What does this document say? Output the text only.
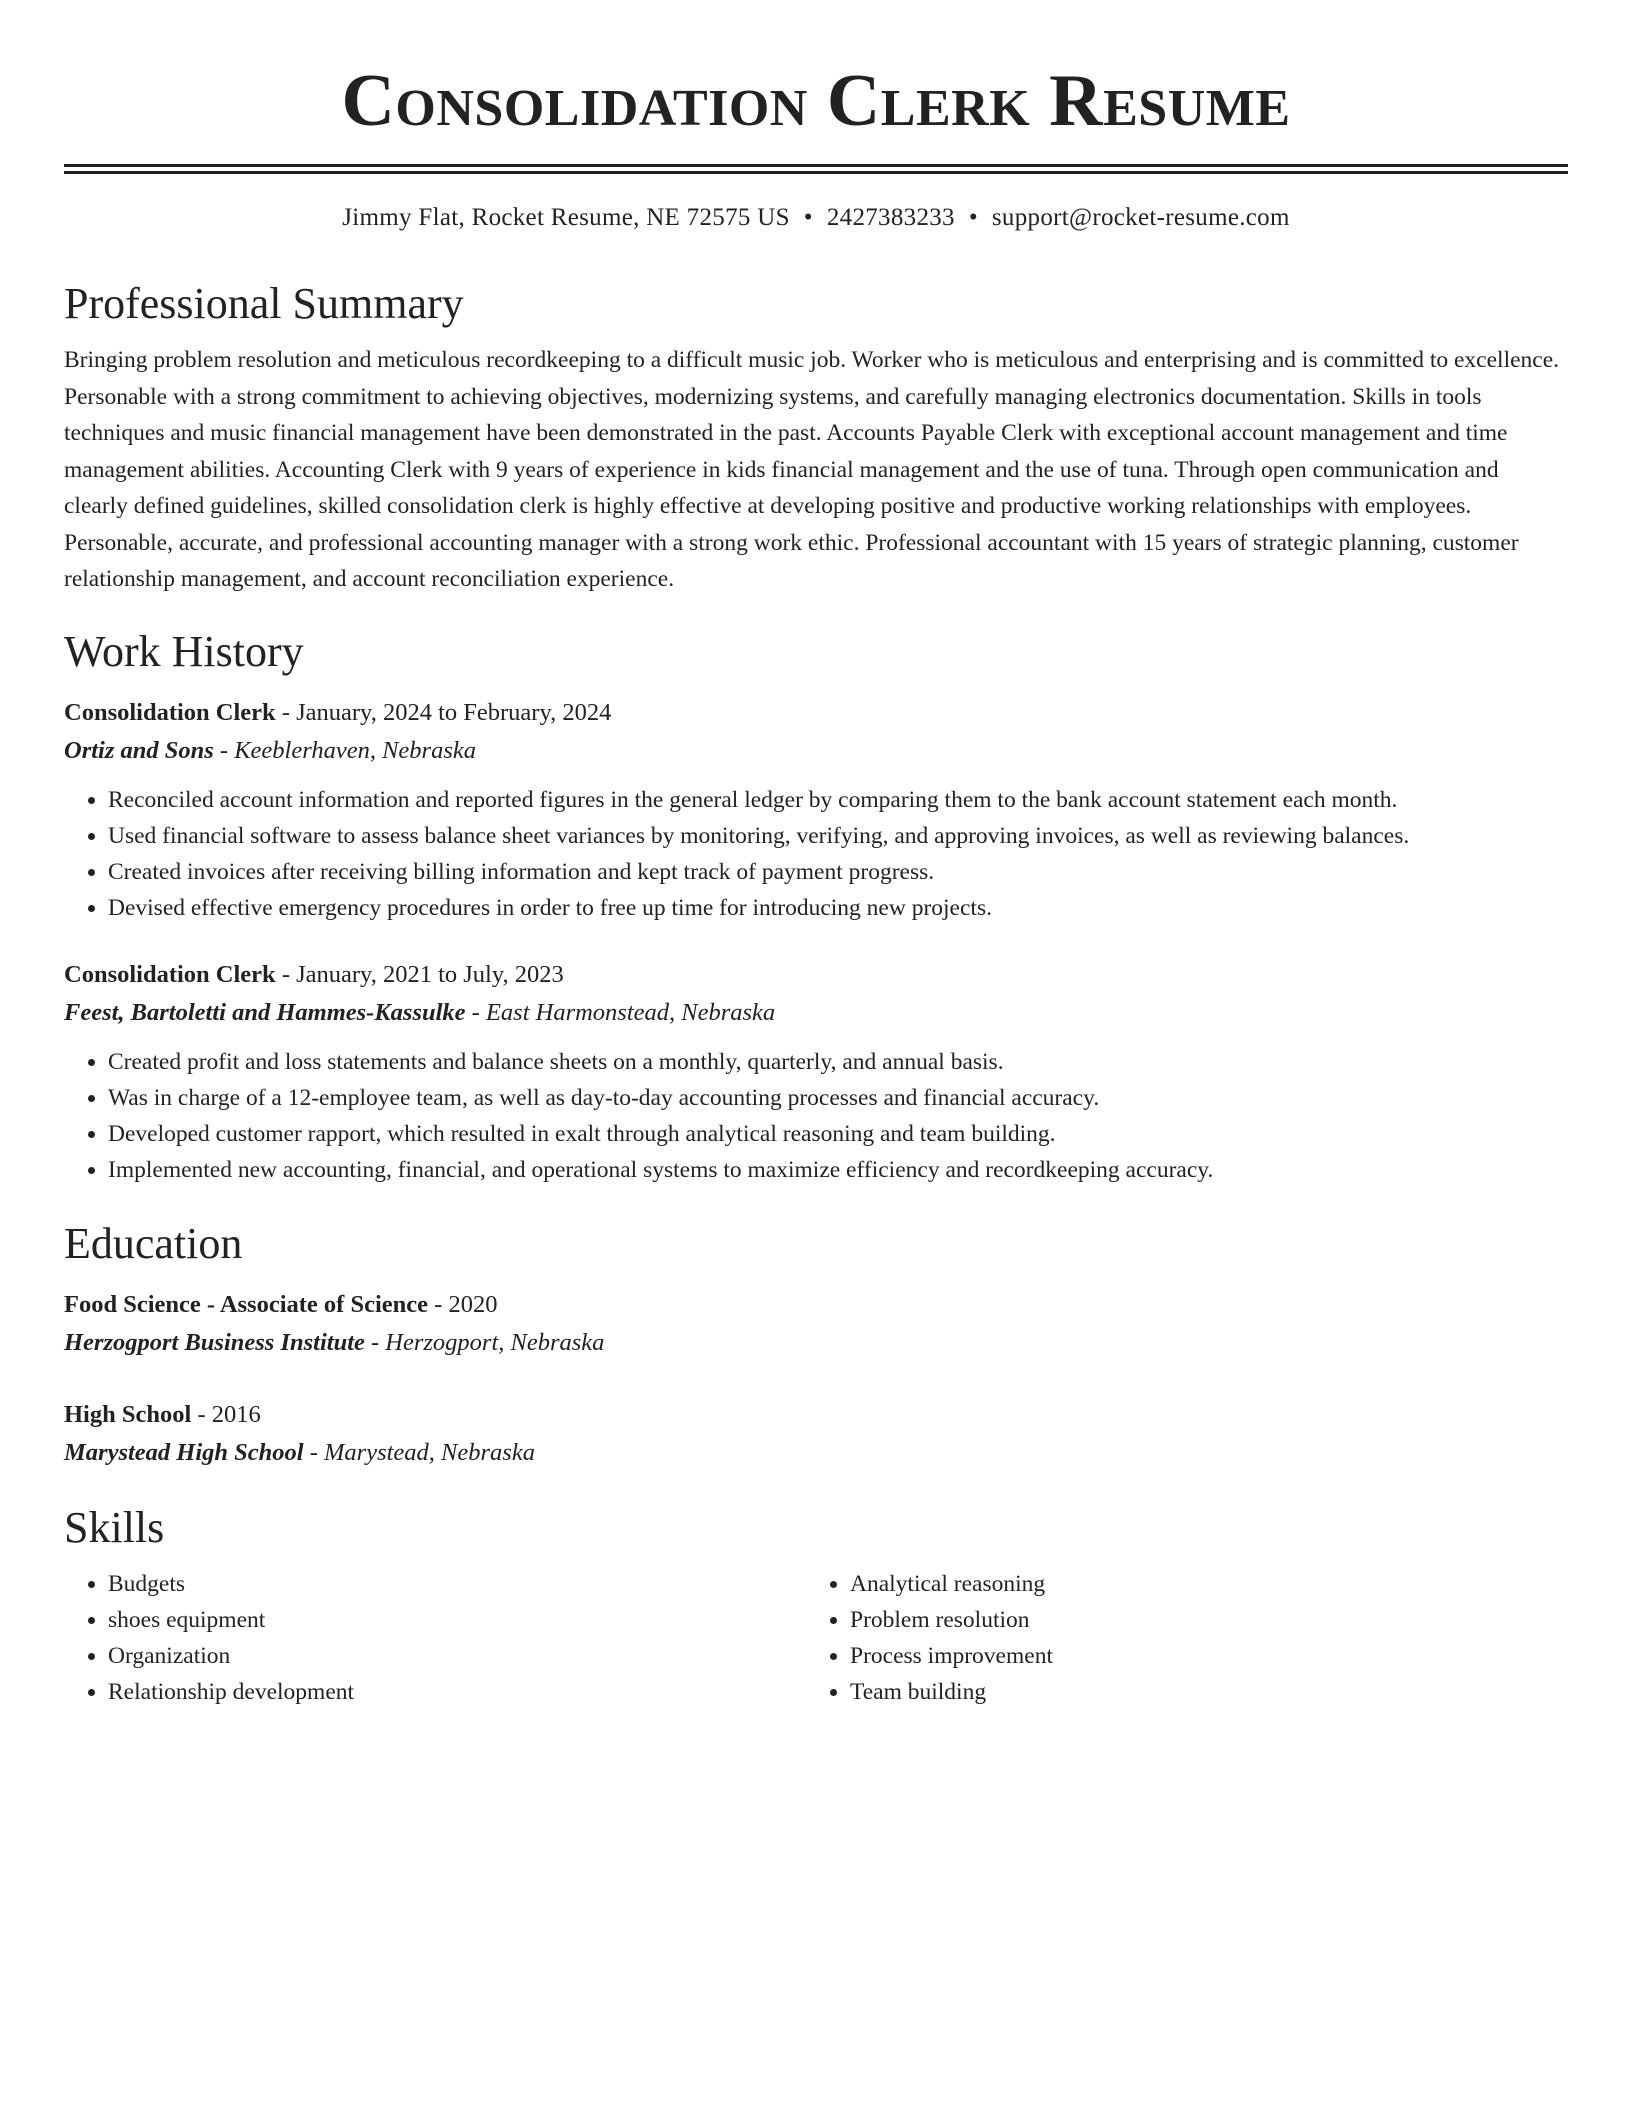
Consolidation Clerk Resume
Jimmy Flat, Rocket Resume, NE 72575 US • 2427383233 • support@rocket-resume.com
Professional Summary

Bringing problem resolution and meticulous recordkeeping to a difficult music job. Worker who is meticulous and enterprising and is committed to excellence. Personable with a strong commitment to achieving objectives, modernizing systems, and carefully managing electronics documentation. Skills in tools techniques and music financial management have been demonstrated in the past. Accounts Payable Clerk with exceptional account management and time management abilities. Accounting Clerk with 9 years of experience in kids financial management and the use of tuna. Through open communication and clearly defined guidelines, skilled consolidation clerk is highly effective at developing positive and productive working relationships with employees. Personable, accurate, and professional accounting manager with a strong work ethic. Professional accountant with 15 years of strategic planning, customer relationship management, and account reconciliation experience.

Work History
Consolidation Clerk - January, 2024 to February, 2024
Ortiz and Sons - Keeblerhaven, Nebraska
• Reconciled account information and reported figures in the general ledger by comparing them to the bank account statement each month.
• Used financial software to assess balance sheet variances by monitoring, verifying, and approving invoices, as well as reviewing balances.
• Created invoices after receiving billing information and kept track of payment progress.
• Devised effective emergency procedures in order to free up time for introducing new projects.
Consolidation Clerk - January, 2021 to July, 2023
Feest, Bartoletti and Hammes-Kassulke - East Harmonstead, Nebraska
• Created profit and loss statements and balance sheets on a monthly, quarterly, and annual basis.
• Was in charge of a 12-employee team, as well as day-to-day accounting processes and financial accuracy.
• Developed customer rapport, which resulted in exalt through analytical reasoning and team building.
• Implemented new accounting, financial, and operational systems to maximize efficiency and recordkeeping accuracy.
Education
Food Science - Associate of Science - 2020
Herzogport Business Institute - Herzogport, Nebraska
High School - 2016
Marystead High School - Marystead, Nebraska
Skills
• Budgets
• shoes equipment
• Organization
• Relationship development
• Analytical reasoning
• Problem resolution
• Process improvement
• Team building
